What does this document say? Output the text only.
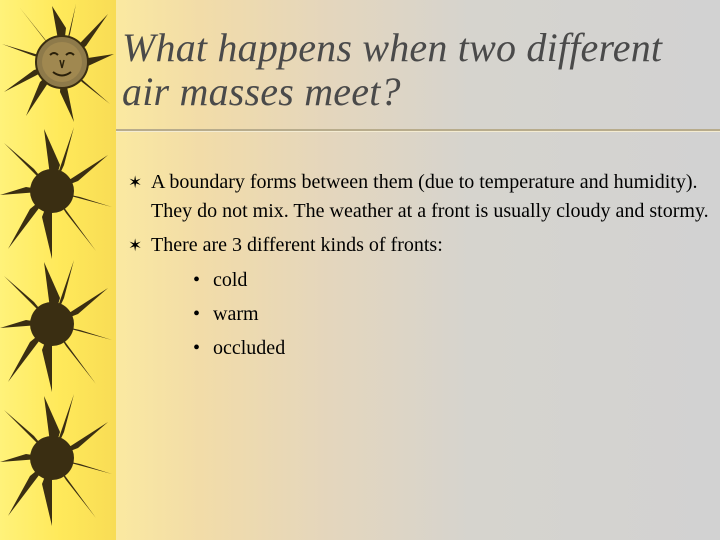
What happens when two different air masses meet?
✶ A boundary forms between them (due to temperature and humidity). They do not mix. The weather at a front is usually cloudy and stormy.
✶ There are 3 different kinds of fronts:
• cold
• warm
• occluded
